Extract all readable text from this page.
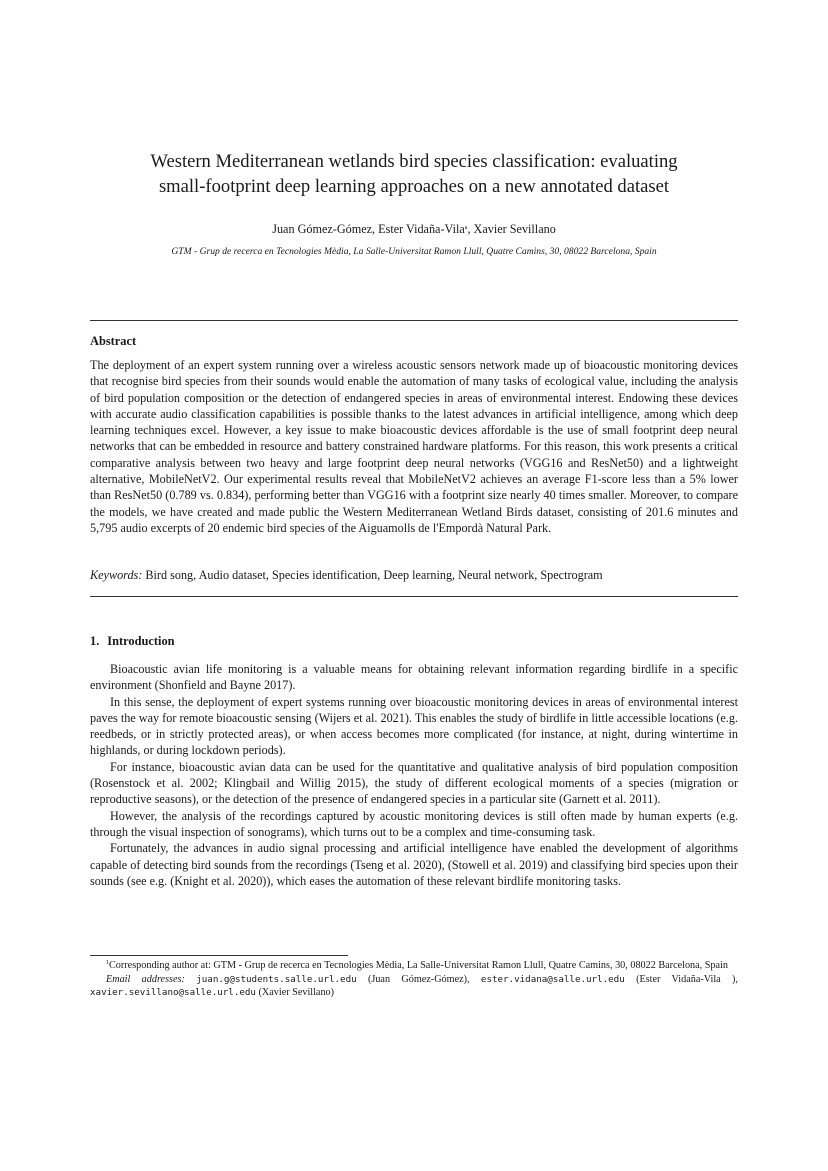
Western Mediterranean wetlands bird species classification: evaluating
small-footprint deep learning approaches on a new annotated dataset
Juan Gómez-Gómez, Ester Vidaña-Vila$^a$, Xavier Sevillano
GTM - Grup de recerca en Tecnologies Mèdia, La Salle-Universitat Ramon Llull, Quatre Camins, 30, 08022 Barcelona, Spain
Abstract
The deployment of an expert system running over a wireless acoustic sensors network made up of bioacoustic monitoring devices that recognise bird species from their sounds would enable the automation of many tasks of ecological value, including the analysis of bird population composition or the detection of endangered species in areas of environmental interest. Endowing these devices with accurate audio classification capabilities is possible thanks to the latest advances in artificial intelligence, among which deep learning techniques excel. However, a key issue to make bioacoustic devices affordable is the use of small footprint deep neural networks that can be embedded in resource and battery constrained hardware platforms. For this reason, this work presents a critical comparative analysis between two heavy and large footprint deep neural networks (VGG16 and ResNet50) and a lightweight alternative, MobileNetV2. Our experimental results reveal that MobileNetV2 achieves an average F1-score less than a 5% lower than ResNet50 (0.789 vs. 0.834), performing better than VGG16 with a footprint size nearly 40 times smaller. Moreover, to compare the models, we have created and made public the Western Mediterranean Wetland Birds dataset, consisting of 201.6 minutes and 5,795 audio excerpts of 20 endemic bird species of the Aiguamolls de l'Empordà Natural Park.
Keywords: Bird song, Audio dataset, Species identification, Deep learning, Neural network, Spectrogram
1. Introduction

Bioacoustic avian life monitoring is a valuable means for obtaining relevant information regarding birdlife in a specific environment (Shonfield and Bayne 2017).

In this sense, the deployment of expert systems running over bioacoustic monitoring devices in areas of environmental interest paves the way for remote bioacoustic sensing (Wijers et al. 2021). This enables the study of birdlife in little accessible locations (e.g. reedbeds, or in strictly protected areas), or when access becomes more complicated (for instance, at night, during wintertime in highlands, or during lockdown periods).

For instance, bioacoustic avian data can be used for the quantitative and qualitative analysis of bird population composition (Rosenstock et al. 2002; Klingbail and Willig 2015), the study of different ecological moments of a species (migration or reproductive seasons), or the detection of the presence of endangered species in a particular site (Garnett et al. 2011).

However, the analysis of the recordings captured by acoustic monitoring devices is still often made by human experts (e.g. through the visual inspection of sonograms), which turns out to be a complex and time-consuming task.

Fortunately, the advances in audio signal processing and artificial intelligence have enabled the development of algorithms capable of detecting bird sounds from the recordings (Tseng et al. 2020), (Stowell et al. 2019) and classifying bird species upon their sounds (see e.g. (Knight et al. 2020)), which eases the automation of these relevant birdlife monitoring tasks.

$^1$Corresponding author at: GTM - Grup de recerca en Tecnologies Mèdia, La Salle-Universitat Ramon Llull, Quatre Camins, 30, 08022 Barcelona, Spain

Email addresses: juan.g@students.salle.url.edu (Juan Gómez-Gómez), ester.vidana@salle.url.edu (Ester Vidaña-Vila ), xavier.sevillano@salle.url.edu (Xavier Sevillano)
